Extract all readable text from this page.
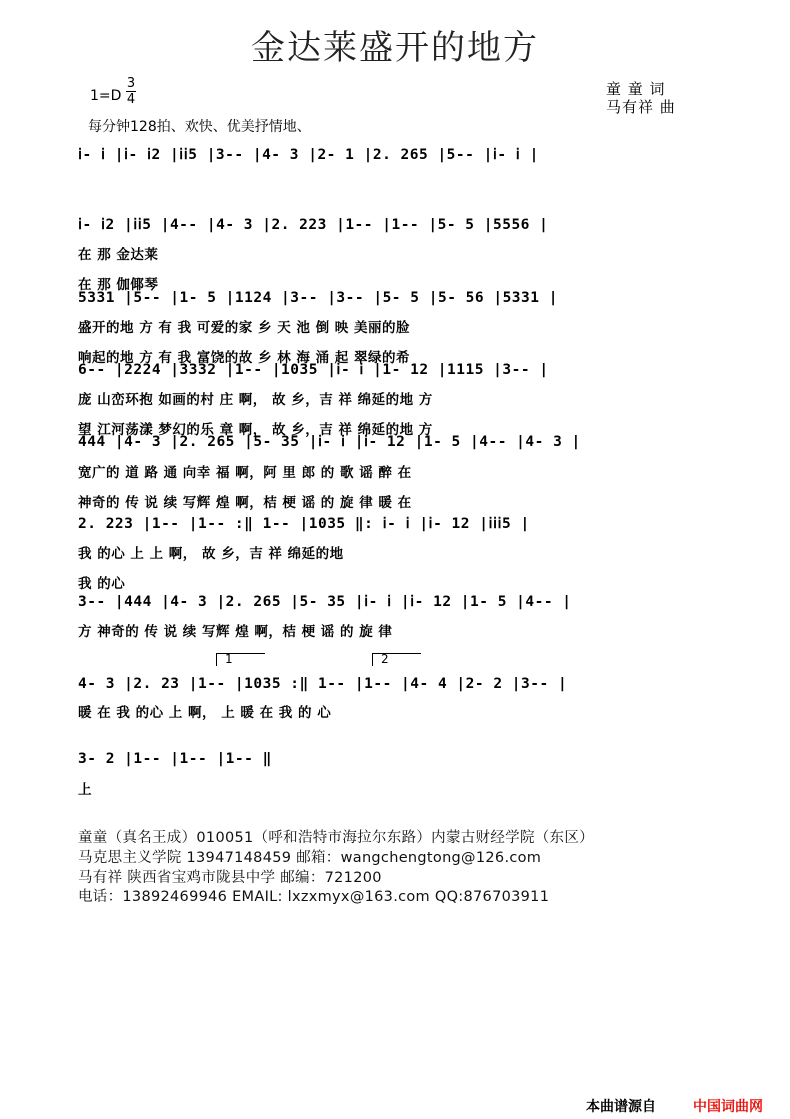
金达莱盛开的地方
1=D
3
4
每分钟128拍、欢快、优美抒情地、
童 童 词
马有祥 曲
ⅰ- ⅰ |ⅰ- ⅰ2 |ⅰⅰ5 |3-- |4- 3 |2- 1 |2. 265 |5-- |ⅰ- ⅰ |
ⅰ- ⅰ2 |ⅰⅰ5 |4-- |4- 3 |2. 223 |1-- |1-- |5- 5 |5556 |
在 那 金达莱
在 那 伽倻琴
5331 |5-- |1- 5 |1124 |3-- |3-- |5- 5 |5- 56 |5331 |
盛开的地 方 有 我 可爱的家 乡 天 池 倒 映 美丽的脸
响起的地 方 有 我 富饶的故 乡 林 海 涌 起 翠绿的希
6-- |2224 |3332 |1-- |1035 |ⅰ- ⅰ |1- 12 |1115 |3-- |
庞 山峦环抱 如画的村 庄 啊， 故 乡，吉 祥 绵延的地 方
望 江河荡漾 梦幻的乐 章 啊， 故 乡，吉 祥 绵延的地 方
444 |4- 3 |2. 265 |5- 35 |ⅰ- ⅰ |ⅰ- 12 |1- 5 |4-- |4- 3 |
宽广的 道 路 通 向幸 福 啊，阿 里 郎 的 歌 谣 醉 在
神奇的 传 说 续 写辉 煌 啊，桔 梗 谣 的 旋 律 暖 在
2. 223 |1-- |1-- :‖ 1-- |1035 ‖: ⅰ- ⅰ |ⅰ- 12 |ⅰⅰⅰ5 |
我 的心 上 上 啊， 故 乡，吉 祥 绵延的地
我 的心
3-- |444 |4- 3 |2. 265 |5- 35 |ⅰ- ⅰ |ⅰ- 12 |1- 5 |4-- |
方 神奇的 传 说 续 写辉 煌 啊，桔 梗 谣 的 旋 律
1	2
4- 3 |2. 23 |1-- |1035 :‖ 1-- |1-- |4- 4 |2- 2 |3-- |
暖 在 我 的心 上 啊， 上 暖 在 我 的 心
3- 2 |1-- |1-- |1-- ‖
上
童童（真名王成）010051（呼和浩特市海拉尔东路）内蒙古财经学院（东区）
马克思主义学院 13947148459 邮箱：wangchengtong@126.com
马有祥 陕西省宝鸡市陇县中学 邮编：721200
电话：13892469946 EMAIL: lxzxmyx@163.com QQ:876703911
本曲谱源自	中国词曲网
